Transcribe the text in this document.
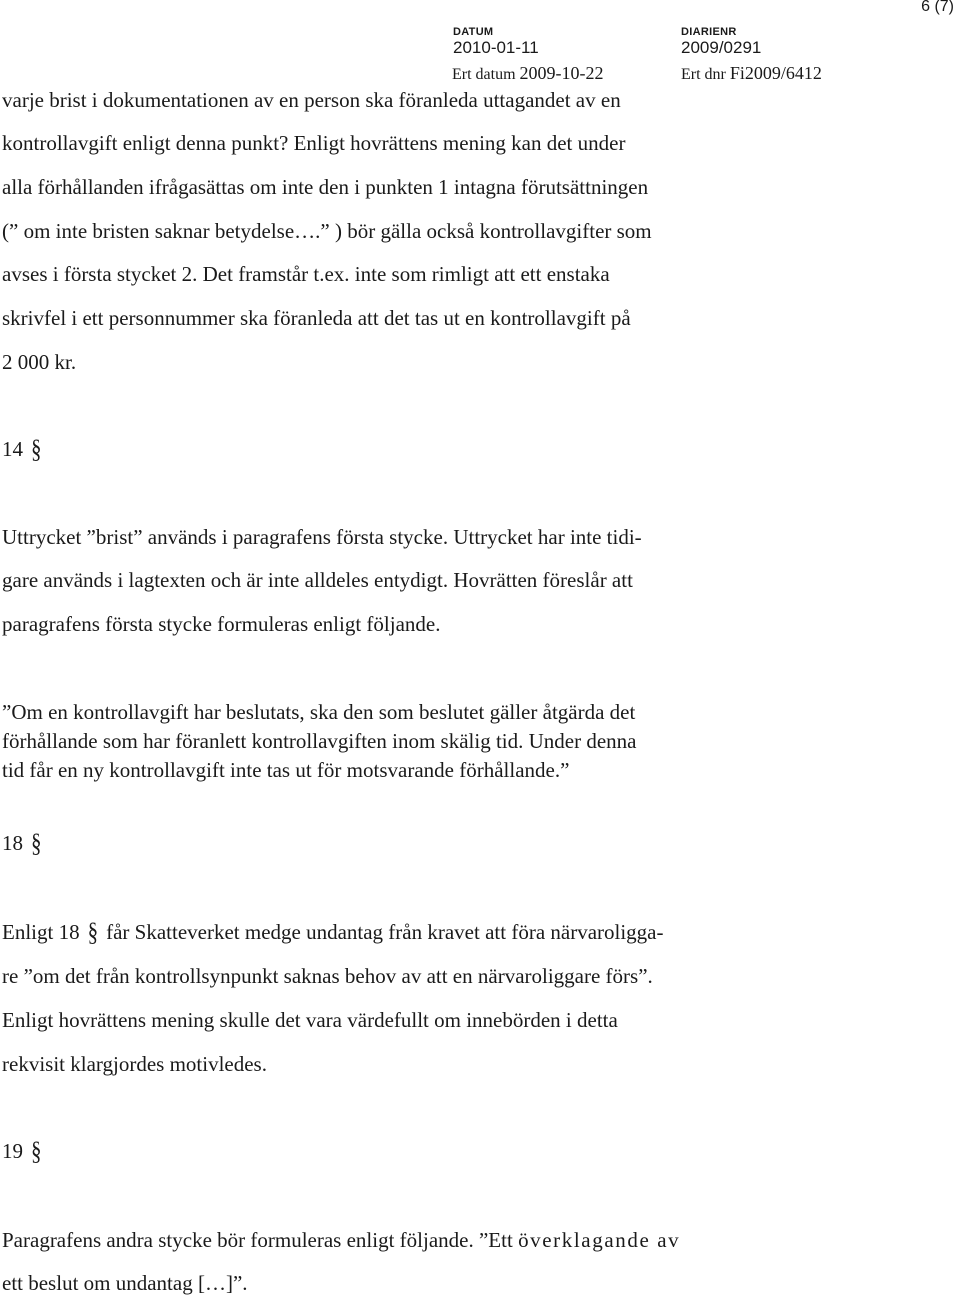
6 (7)
DATUM
2010-01-11
DIARIENR
2009/0291
Ert datum 2009-10-22	Ert dnr Fi2009/6412
varje brist i dokumentationen av en person ska föranleda uttagandet av en
kontrollavgift enligt denna punkt? Enligt hovrättens mening kan det under
alla förhållanden ifrågasättas om inte den i punkten 1 intagna förutsättningen
(” om inte bristen saknar betydelse….” ) bör gälla också kontrollavgifter som
avses i första stycket 2. Det framstår t.ex. inte som rimligt att ett enstaka
skrivfel i ett personnummer ska föranleda att det tas ut en kontrollavgift på
2 000 kr.
14 §
Uttrycket ”brist” används i paragrafens första stycke. Uttrycket har inte tidi-
gare används i lagtexten och är inte alldeles entydigt. Hovrätten föreslår att
paragrafens första stycke formuleras enligt följande.
”Om en kontrollavgift har beslutats, ska den som beslutet gäller åtgärda det
förhållande som har föranlett kontrollavgiften inom skälig tid. Under denna
tid får en ny kontrollavgift inte tas ut för motsvarande förhållande.”
18 §
Enligt 18 § får Skatteverket medge undantag från kravet att föra närvaroligga-
re ”om det från kontrollsynpunkt saknas behov av att en närvaroliggare förs”.
Enligt hovrättens mening skulle det vara värdefullt om innebörden i detta
rekvisit klargjordes motivledes.
19 §
Paragrafens andra stycke bör formuleras enligt följande. ”Ett överklagande av
ett beslut om undantag […]”.
